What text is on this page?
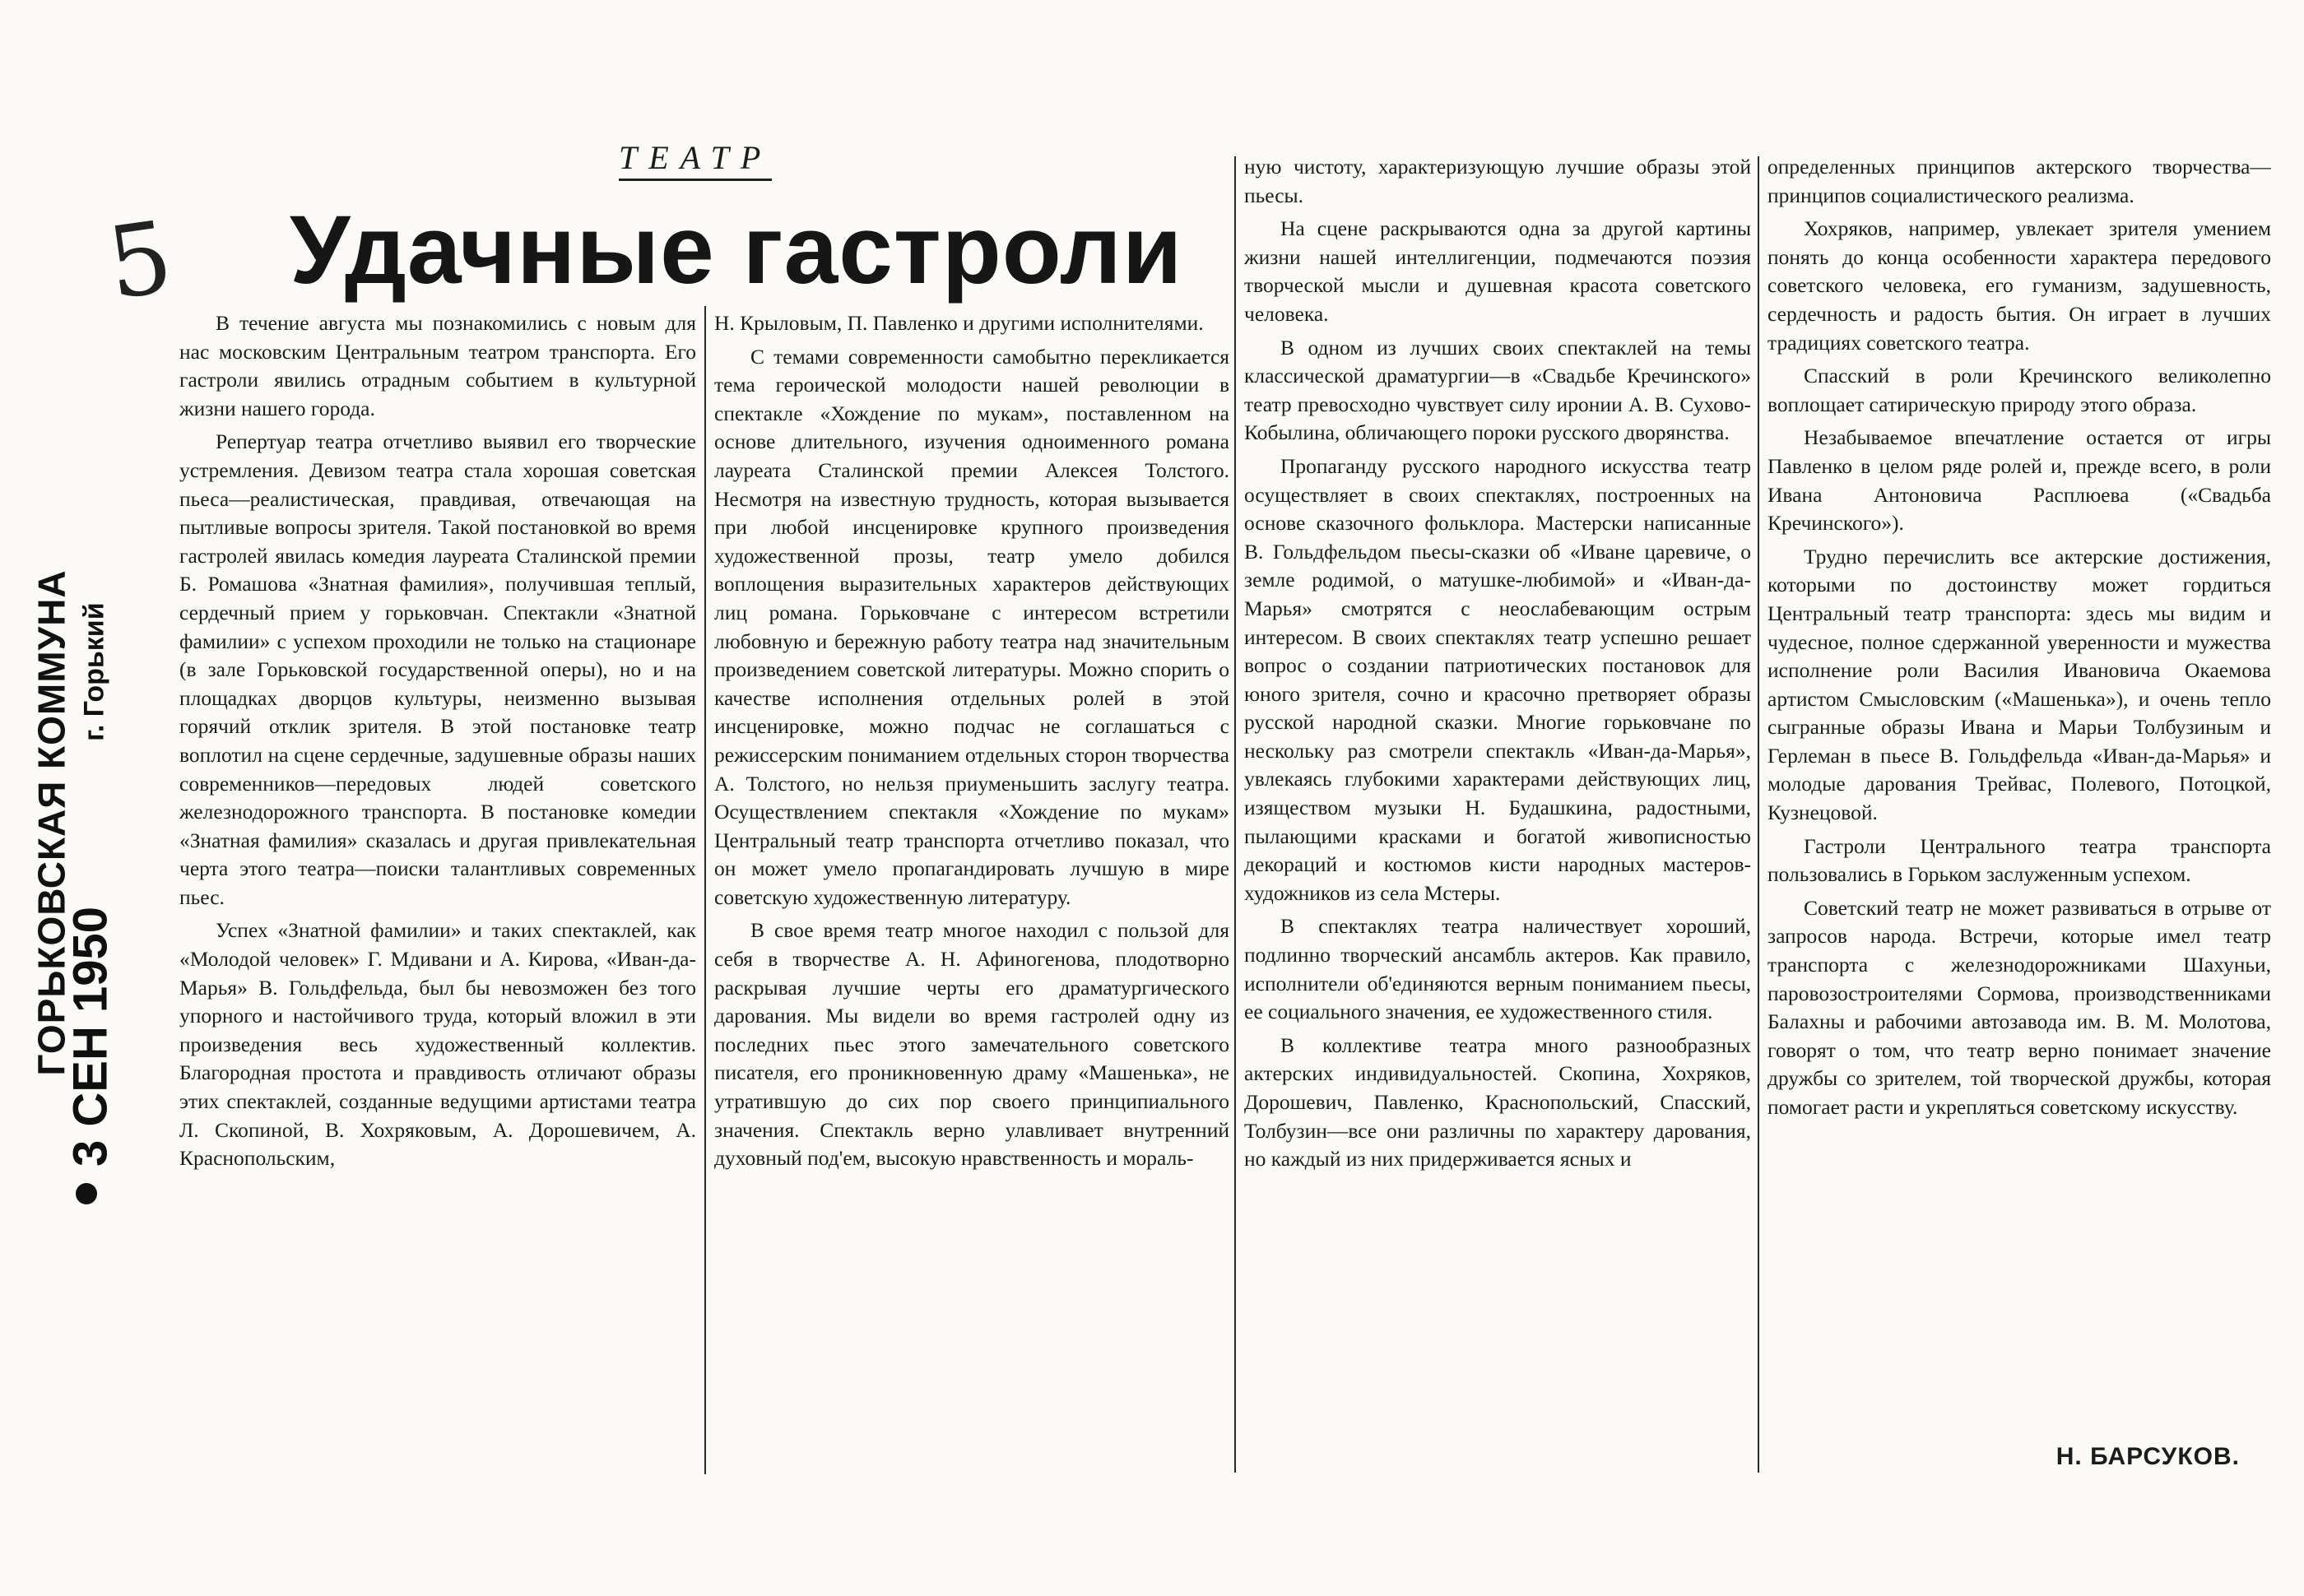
5
ГОРЬКОВСКАЯ КОММУНА г. Горький
3 СЕН 1950
ТЕАТР
Удачные гастроли

В течение августа мы познакомились с новым для нас московским Центральным театром транспорта. Его гастроли явились отрадным событием в культурной жизни нашего города.

Репертуар театра отчетливо выявил его творческие устремления. Девизом театра стала хорошая советская пьеса—реалистическая, правдивая, отвечающая на пытливые вопросы зрителя. Такой постановкой во время гастролей явилась комедия лауреата Сталинской премии Б. Ромашова «Знатная фамилия», получившая теплый, сердечный прием у горьковчан. Спектакли «Знатной фамилии» с успехом проходили не только на стационаре (в зале Горьковской государственной оперы), но и на площадках дворцов культуры, неизменно вызывая горячий отклик зрителя. В этой постановке театр воплотил на сцене сердечные, задушевные образы наших современников—передовых людей советского железнодорожного транспорта. В постановке комедии «Знатная фамилия» сказалась и другая привлекательная черта этого театра—поиски талантливых современных пьес.

Успех «Знатной фамилии» и таких спектаклей, как «Молодой человек» Г. Мдивани и А. Кирова, «Иван-да-Марья» В. Гольдфельда, был бы невозможен без того упорного и настойчивого труда, который вложил в эти произведения весь художественный коллектив. Благородная простота и правдивость отличают образы этих спектаклей, созданные ведущими артистами театра Л. Скопиной, В. Хохряковым, А. Дорошевичем, А. Краснопольским,

Н. Крыловым, П. Павленко и другими исполнителями.

С темами современности самобытно перекликается тема героической молодости нашей революции в спектакле «Хождение по мукам», поставленном на основе длительного, изучения одноименного романа лауреата Сталинской премии Алексея Толстого. Несмотря на известную трудность, которая вызывается при любой инсценировке крупного произведения художественной прозы, театр умело добился воплощения выразительных характеров действующих лиц романа. Горьковчане с интересом встретили любовную и бережную работу театра над значительным произведением советской литературы. Можно спорить о качестве исполнения отдельных ролей в этой инсценировке, можно подчас не соглашаться с режиссерским пониманием отдельных сторон творчества А. Толстого, но нельзя приуменьшить заслугу театра. Осуществлением спектакля «Хождение по мукам» Центральный театр транспорта отчетливо показал, что он может умело пропагандировать лучшую в мире советскую художественную литературу.

В свое время театр многое находил с пользой для себя в творчестве А. Н. Афиногенова, плодотворно раскрывая лучшие черты его драматургического дарования. Мы видели во время гастролей одну из последних пьес этого замечательного советского писателя, его проникновенную драму «Машенька», не утратившую до сих пор своего принципиального значения. Спектакль верно улавливает внутренний духовный под'ем, высокую нравственность и мораль-

ную чистоту, характеризующую лучшие образы этой пьесы.

На сцене раскрываются одна за другой картины жизни нашей интеллигенции, подмечаются поэзия творческой мысли и душевная красота советского человека.

В одном из лучших своих спектаклей на темы классической драматургии—в «Свадьбе Кречинского» театр превосходно чувствует силу иронии А. В. Сухово-Кобылина, обличающего пороки русского дворянства.

Пропаганду русского народного искусства театр осуществляет в своих спектаклях, построенных на основе сказочного фольклора. Мастерски написанные В. Гольдфельдом пьесы-сказки об «Иване царевиче, о земле родимой, о матушке-любимой» и «Иван-да-Марья» смотрятся с неослабевающим острым интересом. В своих спектаклях театр успешно решает вопрос о создании патриотических постановок для юного зрителя, сочно и красочно претворяет образы русской народной сказки. Многие горьковчане по нескольку раз смотрели спектакль «Иван-да-Марья», увлекаясь глубокими характерами действующих лиц, изяществом музыки Н. Будашкина, радостными, пылающими красками и богатой живописностью декораций и костюмов кисти народных мастеров-художников из села Мстеры.

В спектаклях театра наличествует хороший, подлинно творческий ансамбль актеров. Как правило, исполнители об'единяются верным пониманием пьесы, ее социального значения, ее художественного стиля.

В коллективе театра много разнообразных актерских индивидуальностей. Скопина, Хохряков, Дорошевич, Павленко, Краснопольский, Спасский, Толбузин—все они различны по характеру дарования, но каждый из них придерживается ясных и

определенных принципов актерского творчества—принципов социалистического реализма.

Хохряков, например, увлекает зрителя умением понять до конца особенности характера передового советского человека, его гуманизм, задушевность, сердечность и радость бытия. Он играет в лучших традициях советского театра.

Спасский в роли Кречинского великолепно воплощает сатирическую природу этого образа.

Незабываемое впечатление остается от игры Павленко в целом ряде ролей и, прежде всего, в роли Ивана Антоновича Расплюева («Свадьба Кречинского»).

Трудно перечислить все актерские достижения, которыми по достоинству может гордиться Центральный театр транспорта: здесь мы видим и чудесное, полное сдержанной уверенности и мужества исполнение роли Василия Ивановича Окаемова артистом Смысловским («Машенька»), и очень тепло сыгранные образы Ивана и Марьи Толбузиным и Герлеман в пьесе В. Гольдфельда «Иван-да-Марья» и молодые дарования Трейвас, Полевого, Потоцкой, Кузнецовой.

Гастроли Центрального театра транспорта пользовались в Горьком заслуженным успехом.

Советский театр не может развиваться в отрыве от запросов народа. Встречи, которые имел театр транспорта с железнодорожниками Шахуньи, паровозостроителями Сормова, производственниками Балахны и рабочими автозавода им. В. М. Молотова, говорят о том, что театр верно понимает значение дружбы со зрителем, той творческой дружбы, которая помогает расти и укрепляться советскому искусству.

Н. БАРСУКОВ.
